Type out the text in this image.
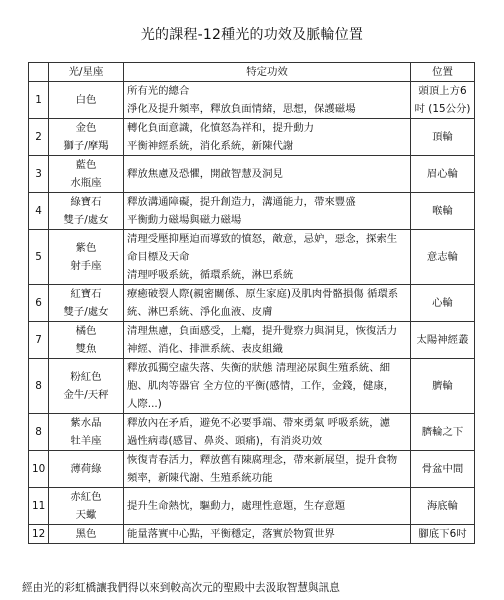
光的課程-12種光的功效及脈輪位置
	光/星座	特定功效	位置
1	白色	所有光的總合
淨化及提升頻率，釋放負面情緒，思想，保護磁場	頭頂上方6
吋 (15公分)

2	金色
獅子/摩羯	轉化負面意識，化憤怒為祥和，提升動力
平衡神經系統，消化系統，新陳代謝	頂輪

3	藍色
水瓶座	釋放焦慮及恐懼，開啟智慧及洞見	眉心輪

4	綠寶石
雙子/處女	釋放溝通障礙，提升創造力，溝通能力，帶來豐盛
平衡動力磁場與磁力磁場	喉輪

5	紫色
射手座	清理受壓抑壓迫而導致的憤怒，敵意，忌妒，惡念，探索生
命目標及天命
清理呼吸系統，循環系統，淋巴系統	意志輪

6	紅寶石
雙子/處女	療癒破裂人際(親密關係、原生家庭)及肌肉骨骼損傷 循環系
統、淋巴系統、淨化血液、皮膚	心輪

7	橘色
雙魚	清理焦慮，負面感受，上癮，提升覺察力與洞見，恢復活力
神經、消化、排泄系統、表皮組織	太陽神經叢

8	粉紅色
金牛/天秤	釋放孤獨空虛失落、失衡的狀態 清理泌尿與生殖系統、細
胞、肌肉等器官 全方位的平衡(感情，工作，金錢，健康，
人際...)	臍輪

8	紫水晶
牡羊座	釋放內在矛盾，避免不必要爭端、帶來勇氣 呼吸系統，濾
過性病毒(感冒、鼻炎、頭痛)，有消炎功效	臍輪之下

10	薄荷綠	恢復青春活力，釋放舊有陳腐理念，帶來新展望，提升食物
頻率，新陳代謝、生殖系統功能	骨盆中間

11	赤紅色
天蠍	提升生命熱忱，驅動力，處理性意題，生存意題	海底輪

12	黑色	能量落實中心點，平衡穩定，落實於物質世界	腳底下6吋
經由光的彩虹橋讓我們得以來到較高次元的聖殿中去汲取智慧與訊息
